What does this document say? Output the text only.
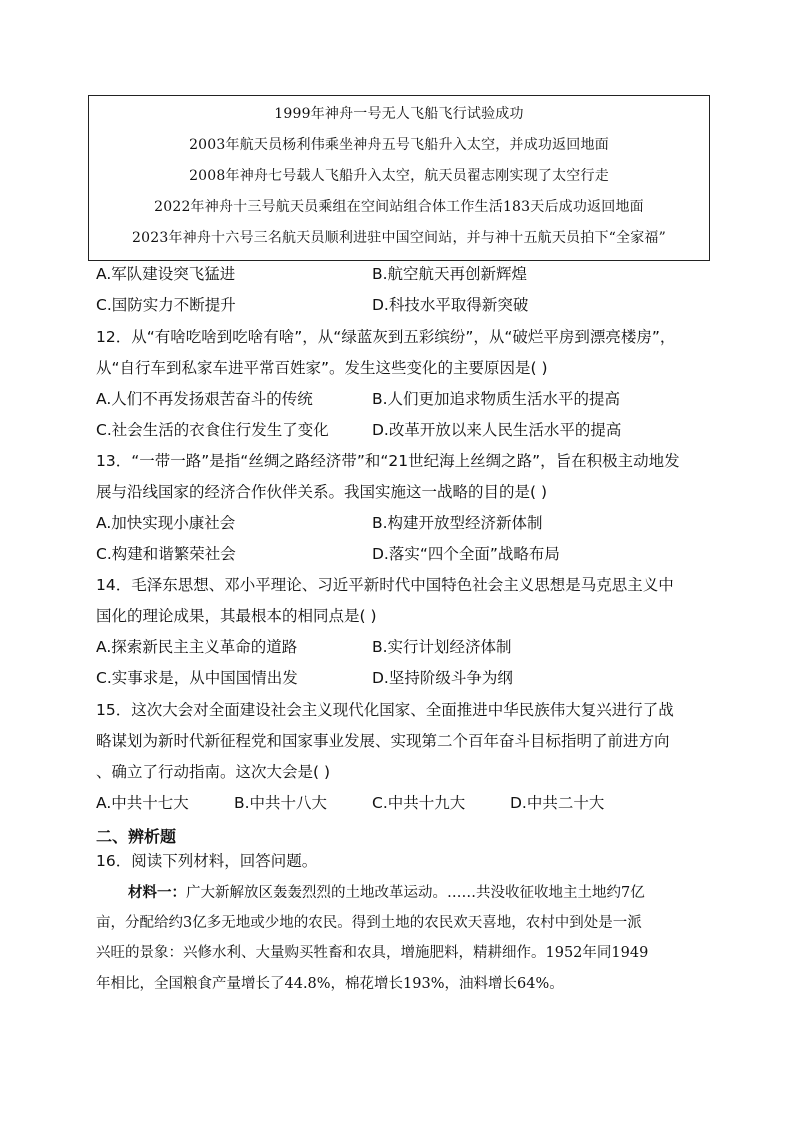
1999年神舟一号无人飞船飞行试验成功
2003年航天员杨利伟乘坐神舟五号飞船升入太空，并成功返回地面
2008年神舟七号载人飞船升入太空，航天员翟志刚实现了太空行走
2022年神舟十三号航天员乘组在空间站组合体工作生活183天后成功返回地面
2023年神舟十六号三名航天员顺利进驻中国空间站，并与神十五航天员拍下“全家福”
A.军队建设突飞猛进	B.航空航天再创新辉煌
C.国防实力不断提升	D.科技水平取得新突破
12．从“有啥吃啥到吃啥有啥”，从“绿蓝灰到五彩缤纷”，从“破烂平房到漂亮楼房”，
从“自行车到私家车进平常百姓家”。发生这些变化的主要原因是( )
A.人们不再发扬艰苦奋斗的传统	B.人们更加追求物质生活水平的提高
C.社会生活的衣食住行发生了变化	D.改革开放以来人民生活水平的提高
13．“一带一路”是指“丝绸之路经济带”和“21世纪海上丝绸之路”，旨在积极主动地发
展与沿线国家的经济合作伙伴关系。我国实施这一战略的目的是( )
A.加快实现小康社会	B.构建开放型经济新体制
C.构建和谐繁荣社会	D.落实“四个全面”战略布局
14．毛泽东思想、邓小平理论、习近平新时代中国特色社会主义思想是马克思主义中
国化的理论成果，其最根本的相同点是( )
A.探索新民主主义革命的道路	B.实行计划经济体制
C.实事求是，从中国国情出发	D.坚持阶级斗争为纲
15．这次大会对全面建设社会主义现代化国家、全面推进中华民族伟大复兴进行了战
略谋划为新时代新征程党和国家事业发展、实现第二个百年奋斗目标指明了前进方向
、确立了行动指南。这次大会是( )
A.中共十七大	B.中共十八大	C.中共十九大	D.中共二十大
二、辨析题
16．阅读下列材料，回答问题。
材料一：广大新解放区轰轰烈烈的土地改革运动。……共没收征收地主土地约7亿
亩，分配给约3亿多无地或少地的农民。得到土地的农民欢天喜地，农村中到处是一派
兴旺的景象：兴修水利、大量购买牲畜和农具，增施肥料，精耕细作。1952年同1949
年相比，全国粮食产量增长了44.8%，棉花增长193%，油料增长64%。
